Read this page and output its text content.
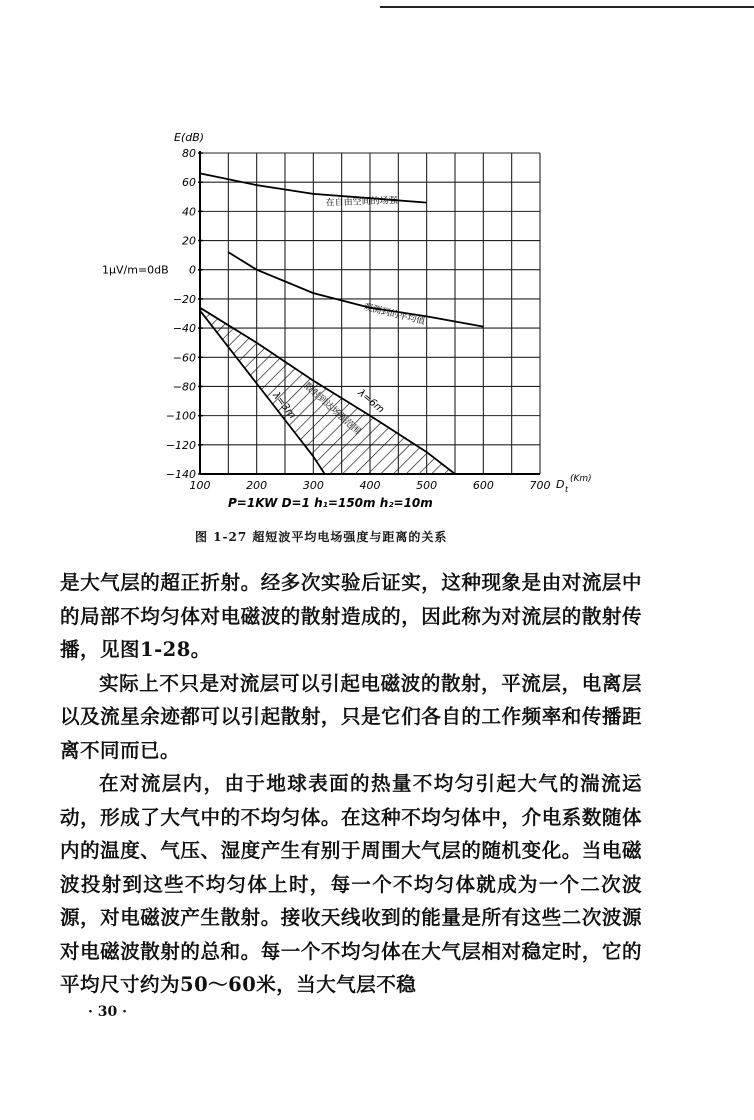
80
60
40
20
0
−20
−40
−60
−80
−100
−120
−140
100	200	300	400	500	600	700
E(dB)
D t
(Km)
1μV/m=0dB
P=1KW D=1 h₁=150m h₂=10m
在自由空间的场强
观测到的平均值
散射到达场强范围
λ=6m
λ=3m
图 1-27 超短波平均电场强度与距离的关系

是大气层的超正折射。经多次实验后证实，这种现象是由对流层中的局部不均匀体对电磁波的散射造成的，因此称为对流层的散射传播，见图1-28。

实际上不只是对流层可以引起电磁波的散射，平流层，电离层以及流星余迹都可以引起散射，只是它们各自的工作频率和传播距离不同而已。

在对流层内，由于地球表面的热量不均匀引起大气的湍流运动，形成了大气中的不均匀体。在这种不均匀体中，介电系数随体内的温度、气压、湿度产生有别于周围大气层的随机变化。当电磁波投射到这些不均匀体上时，每一个不均匀体就成为一个二次波源，对电磁波产生散射。接收天线收到的能量是所有这些二次波源对电磁波散射的总和。每一个不均匀体在大气层相对稳定时，它的平均尺寸约为50～60米，当大气层不稳

· 30 ·
